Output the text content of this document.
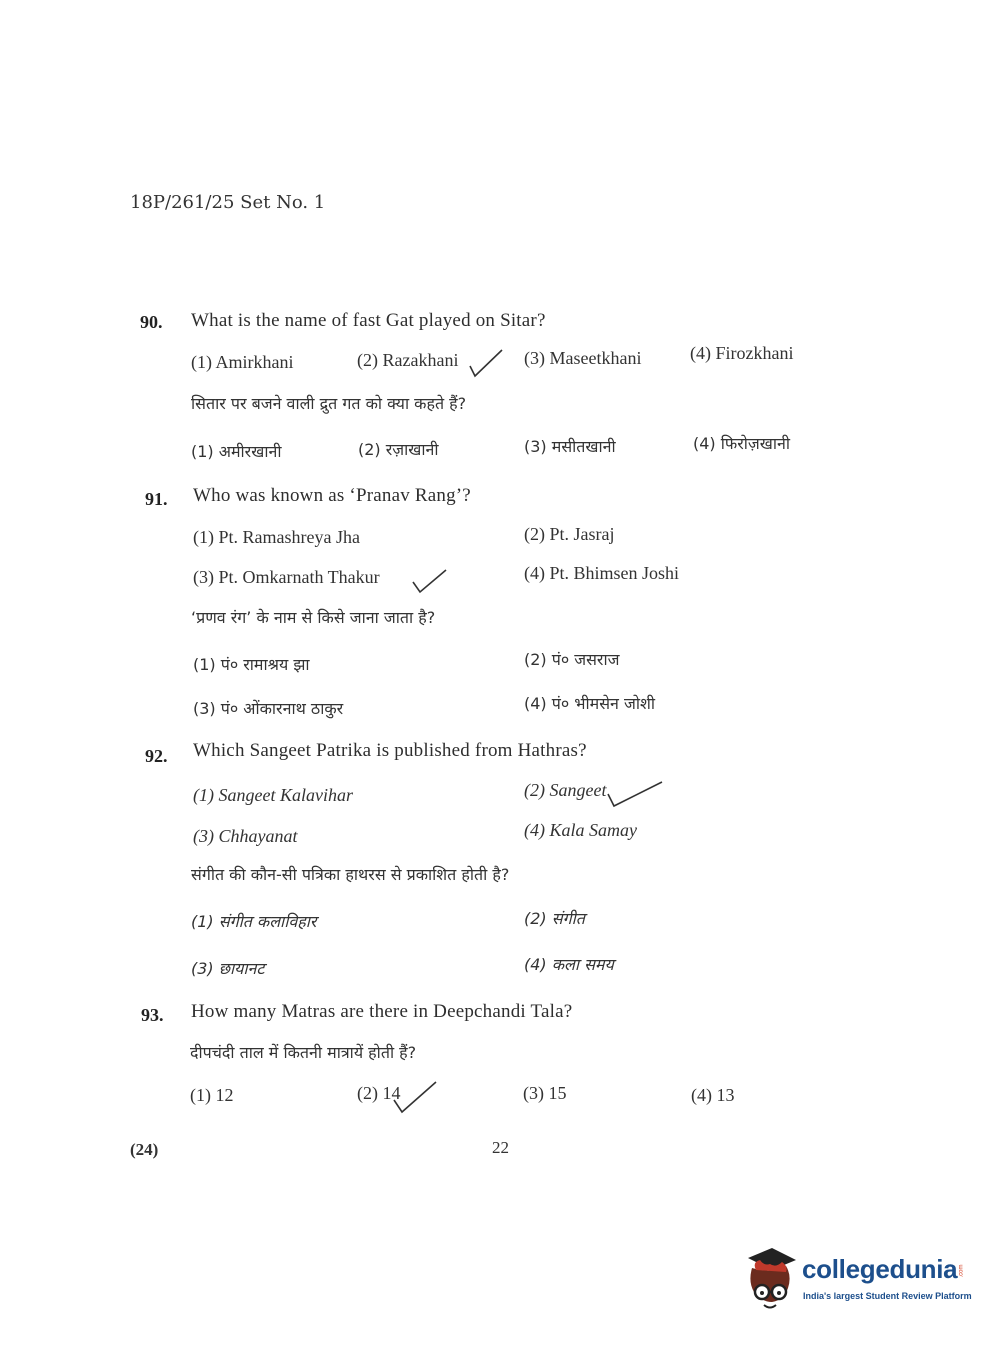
18P/261/25 Set No. 1
90. What is the name of fast Gat played on Sitar?
(1) Amirkhani	(2) Razakhani	(3) Maseetkhani	(4) Firozkhani
सितार पर बजने वाली द्रुत गत को क्या कहते हैं?
(1) अमीरखानी	(2) रज़ाखानी	(3) मसीतखानी	(4) फिरोज़खानी
91. Who was known as ‘Pranav Rang’?
(1) Pt. Ramashreya Jha	(2) Pt. Jasraj
(3) Pt. Omkarnath Thakur	(4) Pt. Bhimsen Joshi
‘प्रणव रंग’ के नाम से किसे जाना जाता है?
(1) पं० रामाश्रय झा	(2) पं० जसराज
(3) पं० ओंकारनाथ ठाकुर	(4) पं० भीमसेन जोशी
92. Which Sangeet Patrika is published from Hathras?
(1) Sangeet Kalavihar	(2) Sangeet
(3) Chhayanat	(4) Kala Samay
संगीत की कौन-सी पत्रिका हाथरस से प्रकाशित होती है?
(1) संगीत कलाविहार	(2) संगीत
(3) छायानट	(4) कला समय
93. How many Matras are there in Deepchandi Tala?
दीपचंदी ताल में कितनी मात्रायें होती हैं?
(1) 12	(2) 14	(3) 15	(4) 13
(24)	22
collegedunia .com
India's largest Student Review Platform
